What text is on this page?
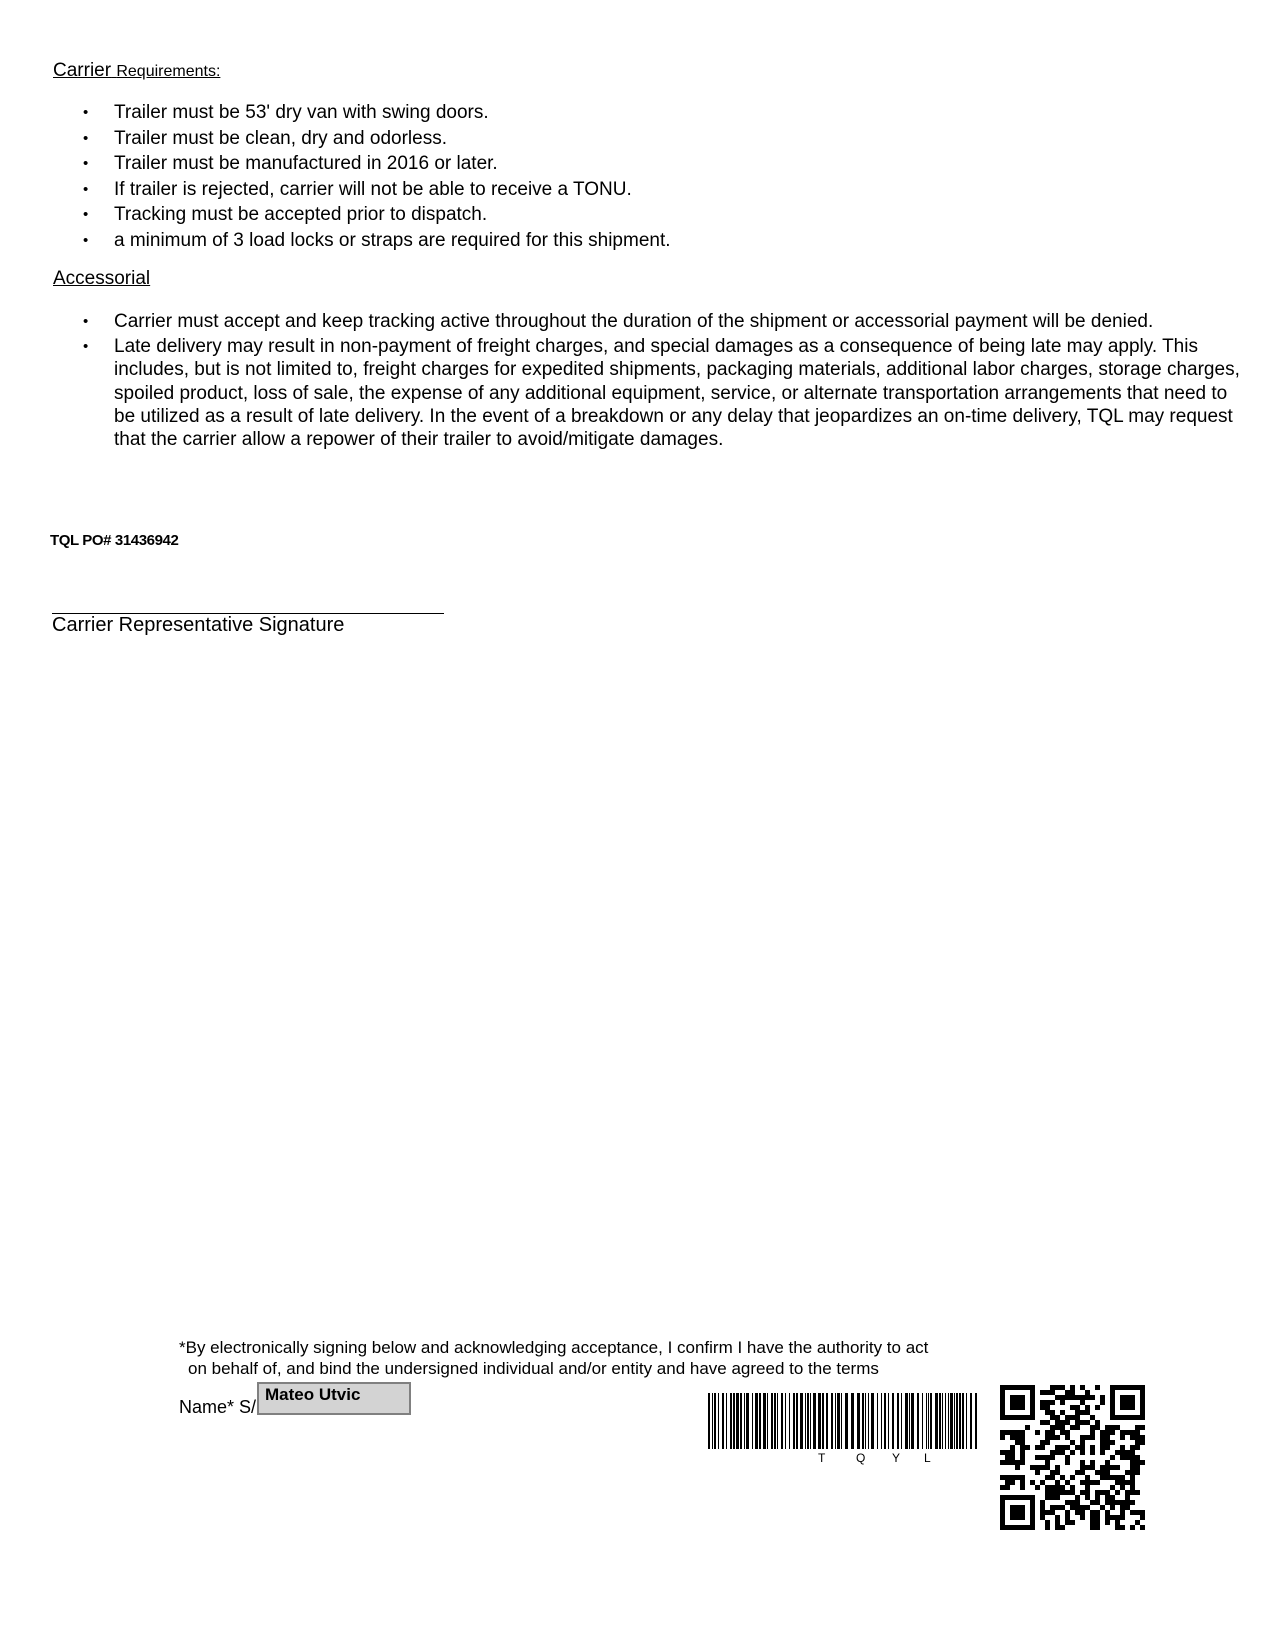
Carrier Requirements:
• Trailer must be 53' dry van with swing doors.
• Trailer must be clean, dry and odorless.
• Trailer must be manufactured in 2016 or later.
• If trailer is rejected, carrier will not be able to receive a TONU.
• Tracking must be accepted prior to dispatch.
• a minimum of 3 load locks or straps are required for this shipment.
Accessorial
• Carrier must accept and keep tracking active throughout the duration of the shipment or accessorial payment will be denied.
• Late delivery may result in non-payment of freight charges, and special damages as a consequence of being late may apply. This includes, but is not limited to, freight charges for expedited shipments, packaging materials, additional labor charges, storage charges, spoiled product, loss of sale, the expense of any additional equipment, service, or alternate transportation arrangements that need to be utilized as a result of late delivery. In the event of a breakdown or any delay that jeopardizes an on-time delivery, TQL may request that the carrier allow a repower of their trailer to avoid/mitigate damages.
TQL PO# 31436942
Carrier Representative Signature
*By electronically signing below and acknowledging acceptance, I confirm I have the authority to act
on behalf of, and bind the undersigned individual and/or entity and have agreed to the terms
Name* S/
Mateo Utvic
T	Q Y L
